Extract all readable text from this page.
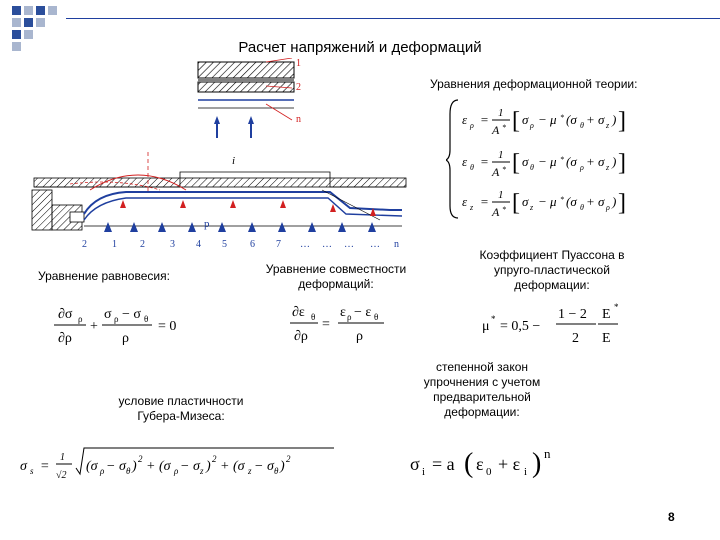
Расчет напряжений и деформаций
1
2
n
i
p
2	1 2	3 4 5 6 7 … … … … n
Уравнения деформационной теории:
ε ρ = 1
A * [ σ ρ − μ * (σ θ + σ z ) ]
ε θ = 1
A * [ σ θ − μ * (σ ρ + σ z ) ]
ε z = 1
A * [ σ z − μ * (σ θ + σ ρ ) ]
Уравнение равновесия:
∂σ ρ
∂ρ
+
σ ρ − σ θ
ρ
= 0
Уравнение совместности деформаций:
∂ε θ
∂ρ
=
ε ρ − ε θ
ρ
Коэффициент Пуассона в упруго-пластической деформации:
μ * = 0,5 −
1 − 2
2
E *
E
условие пластичности Губера-Мизеса:
σ s =
1
√2
(σ ρ − σ θ ) 2 + (σ ρ − σ z ) 2 + (σ z − σ θ ) 2
степенной закон упрочнения с учетом предварительной деформации:
σ i = a ( ε 0 + ε i ) n
8
